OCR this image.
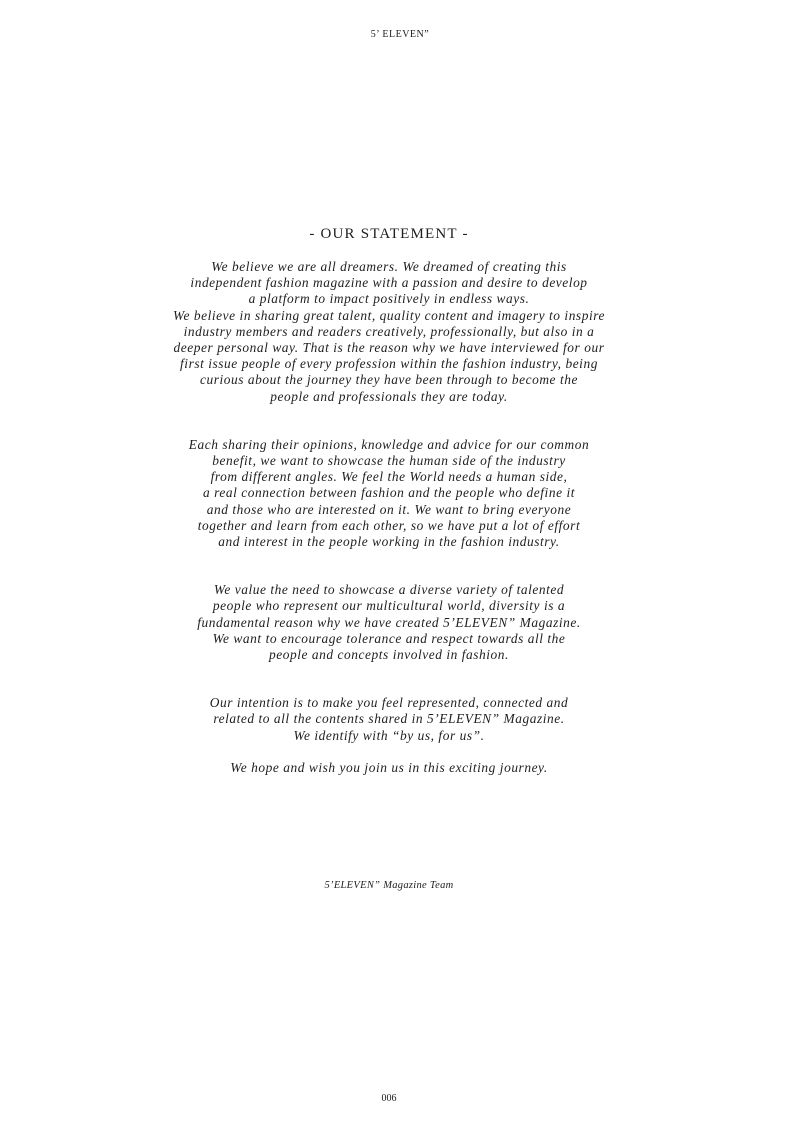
5’ ELEVEN”
- OUR STATEMENT -
We believe we are all dreamers. We dreamed of creating this
independent fashion magazine with a passion and desire to develop
a platform to impact positively in endless ways.
We believe in sharing great talent, quality content and imagery to inspire
industry members and readers creatively, professionally, but also in a
deeper personal way. That is the reason why we have interviewed for our
first issue people of every profession within the fashion industry, being
curious about the journey they have been through to become the
people and professionals they are today.
Each sharing their opinions, knowledge and advice for our common
benefit, we want to showcase the human side of the industry
from different angles. We feel the World needs a human side,
a real connection between fashion and the people who define it
and those who are interested on it. We want to bring everyone
together and learn from each other, so we have put a lot of effort
and interest in the people working in the fashion industry.
We value the need to showcase a diverse variety of talented
people who represent our multicultural world, diversity is a
fundamental reason why we have created 5’ELEVEN” Magazine.
We want to encourage tolerance and respect towards all the
people and concepts involved in fashion.
Our intention is to make you feel represented, connected and
related to all the contents shared in 5’ELEVEN” Magazine.
We identify with “by us, for us”.
We hope and wish you join us in this exciting journey.
5’ELEVEN” Magazine Team
006
